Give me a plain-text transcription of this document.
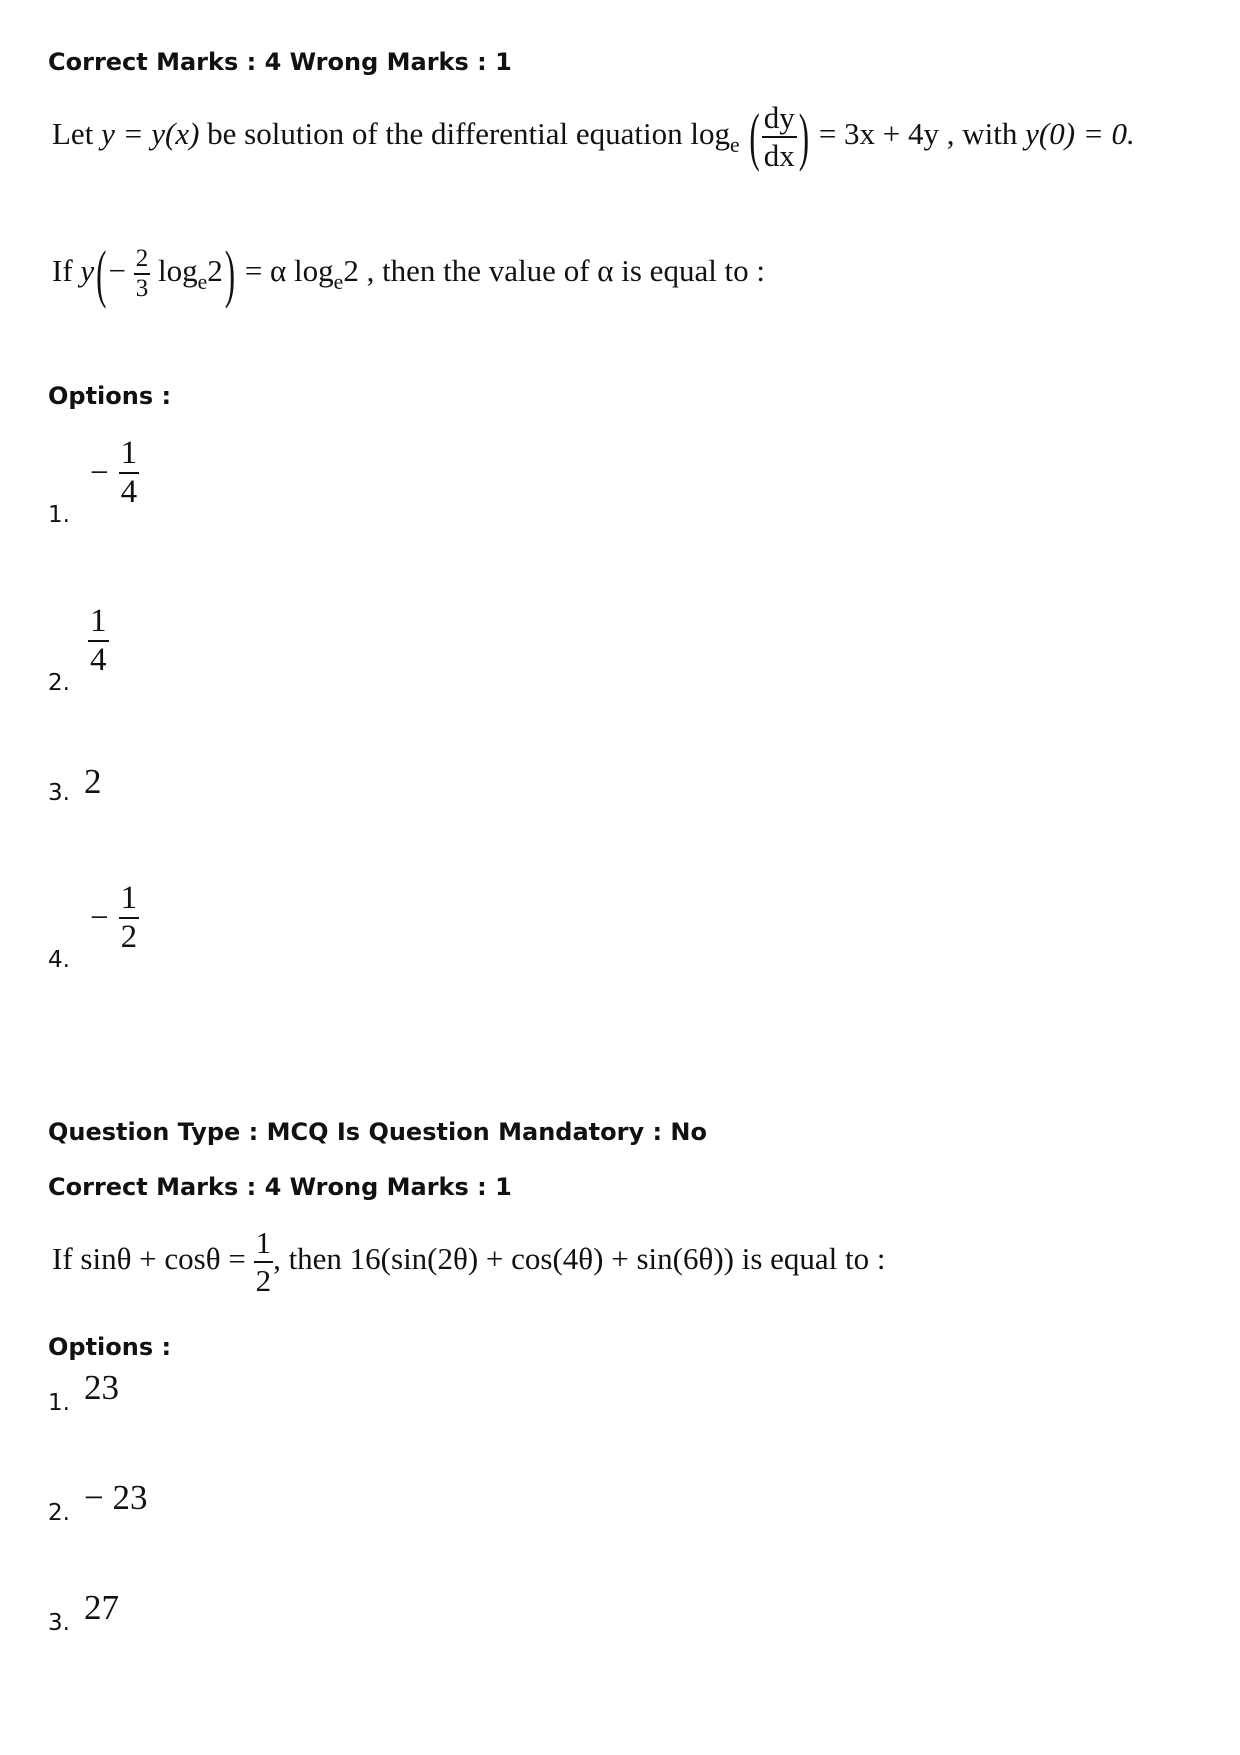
Correct Marks : 4 Wrong Marks : 1
Let y = y(x) be solution of the differential equation $\log_e$ ( $\frac{dy}{dx}$ ) = 3x + 4y , with y(0) = 0.
If $y(- \frac{2}{3} \log_e2) = \alpha$ $\log_e2$ , then the value of α is equal to :
Options :
1.
− $\frac{1}{4}$
2.
$\frac{1}{4}$
3. 2
4.
− $\frac{1}{2}$
Question Type : MCQ Is Question Mandatory : No
Correct Marks : 4 Wrong Marks : 1
If $\sin\theta + \cos\theta = \frac{1}{2}$ , then 16(sin(2θ) + cos(4θ) + sin(6θ)) is equal to :
Options :
1. 23
2. − 23
3. 27
